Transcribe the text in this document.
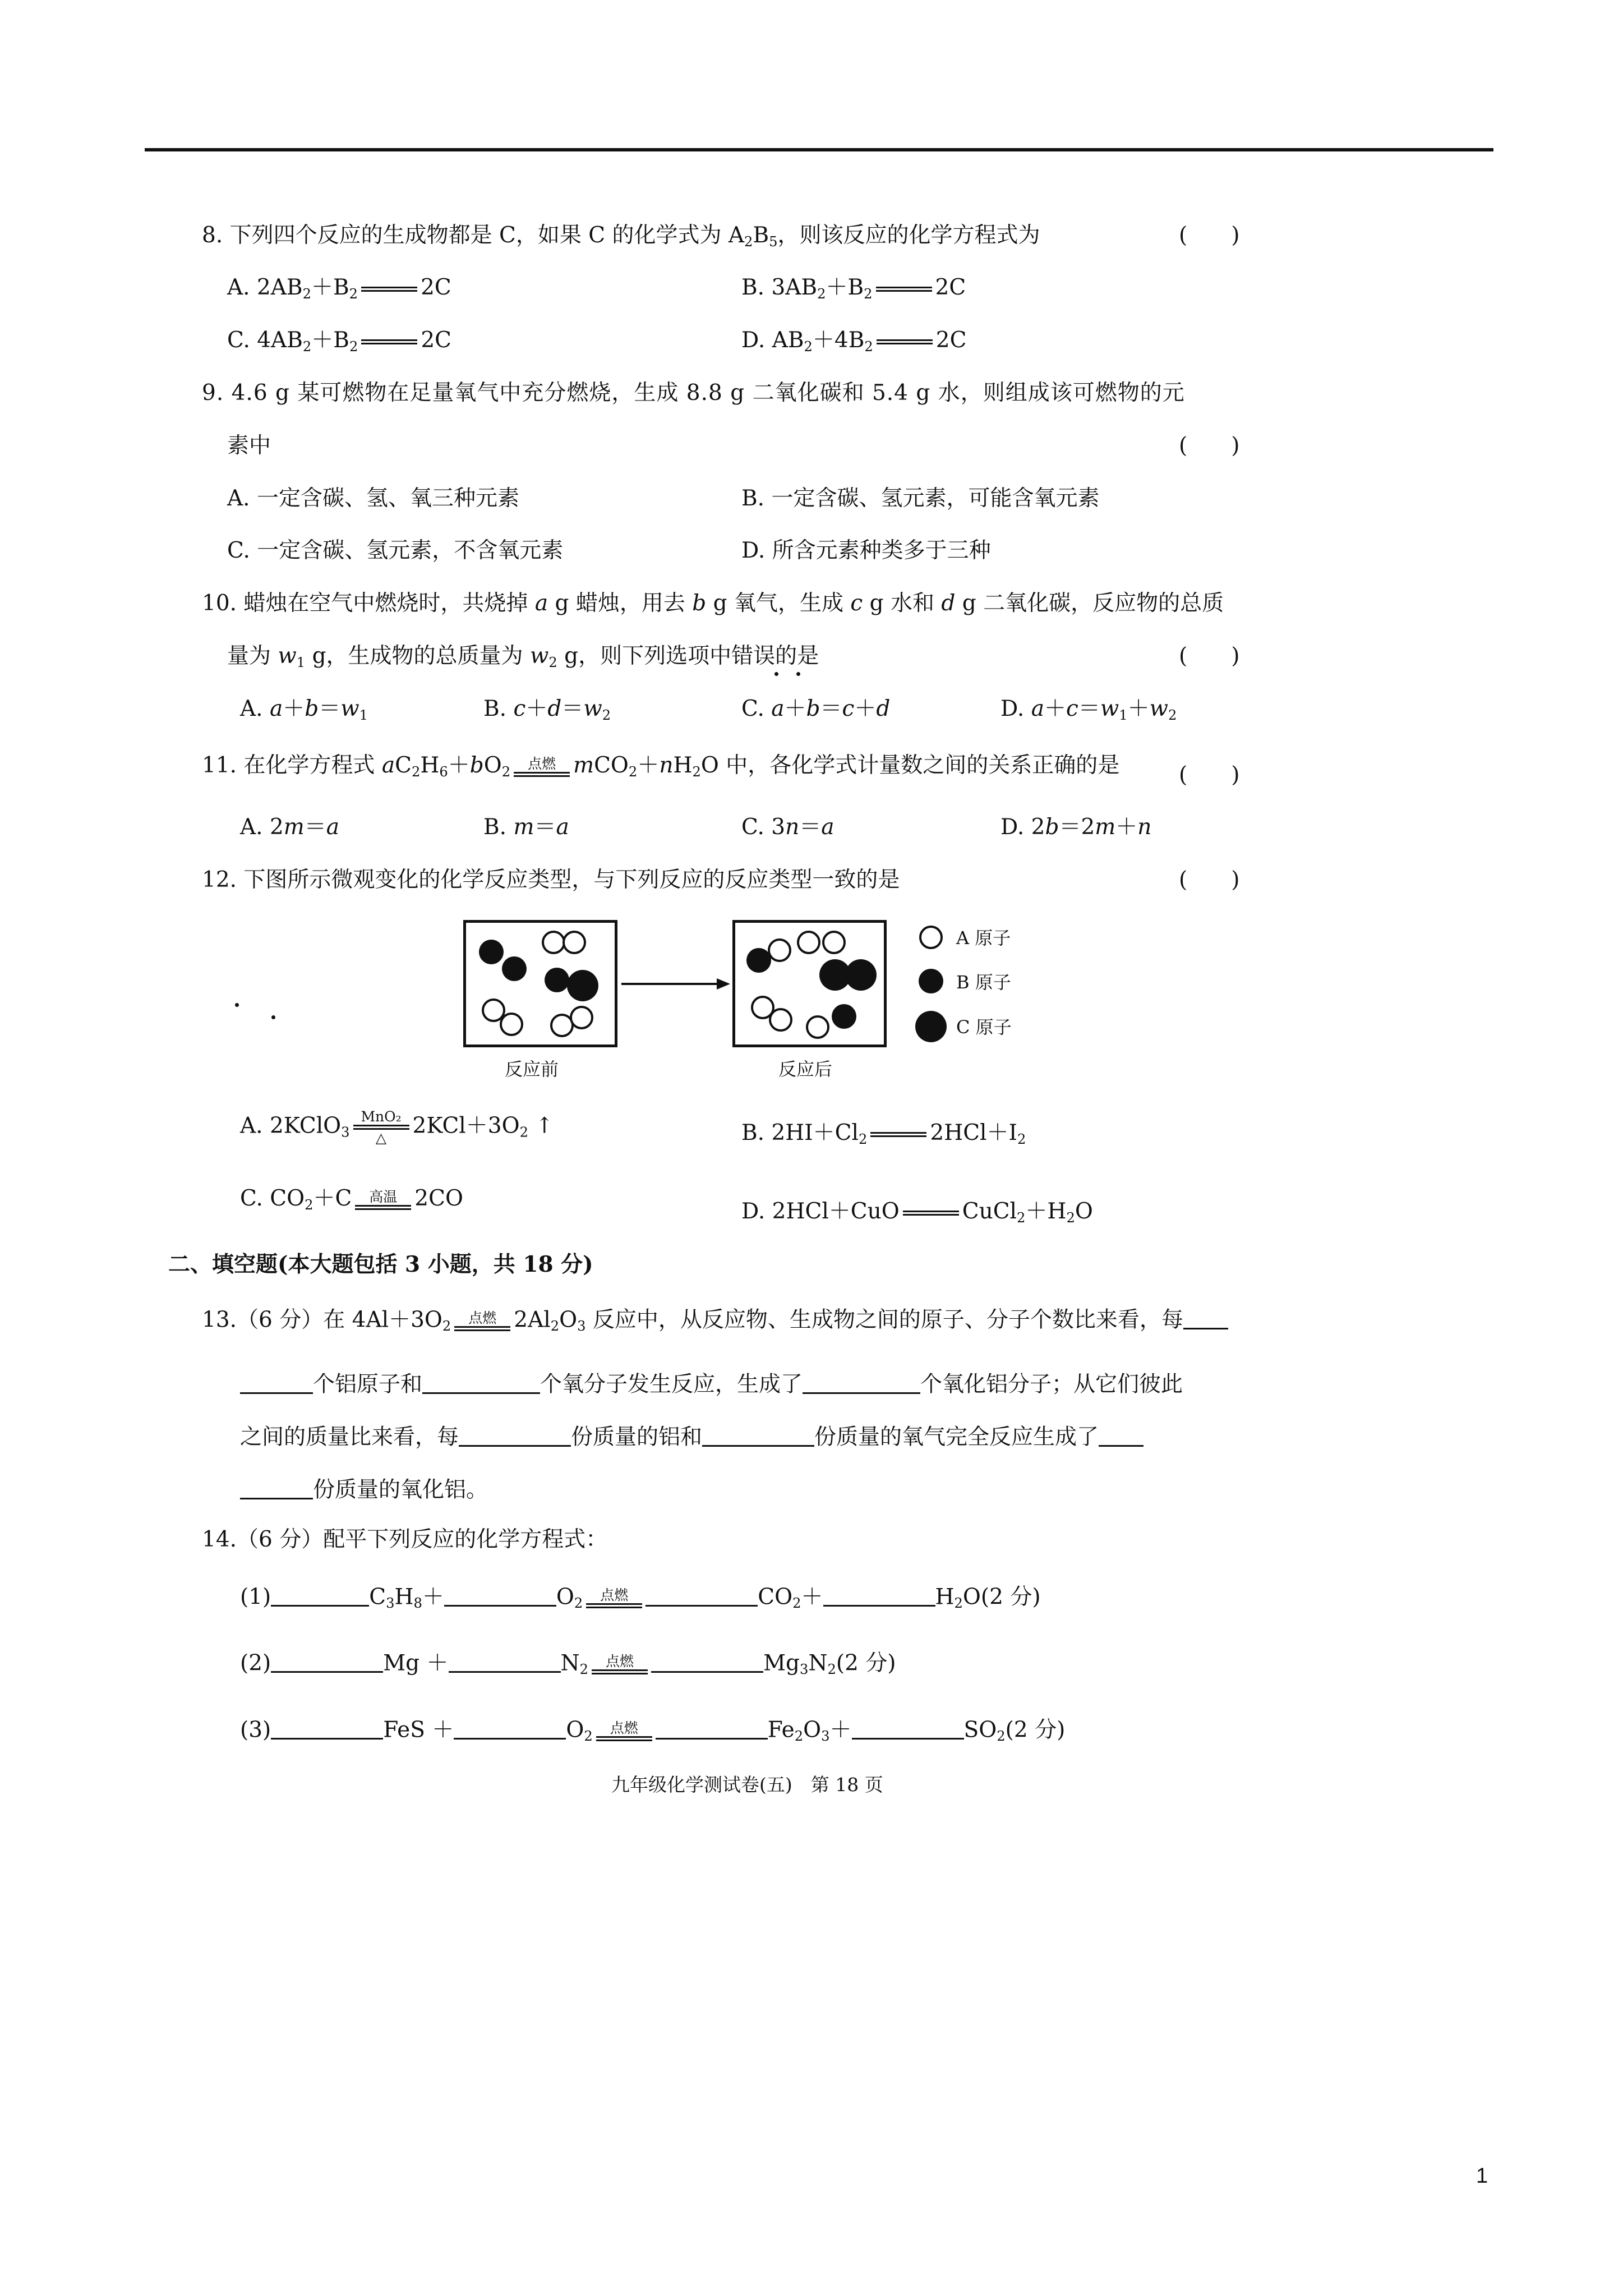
8. 下列四个反应的生成物都是 C，如果 C 的化学式为 $A_2B_5$，则该反应的化学方程式为	(　　)
A. $2AB_2+B_2$	2C	B. $3AB_2+B_2$	2C
C. $4AB_2+B_2$	2C	D. $AB_2+4B_2$	2C
9. 4.6 g 某可燃物在足量氧气中充分燃烧，生成 8.8 g 二氧化碳和 5.4 g 水，则组成该可燃物的元
素中	(　　)
A. 一定含碳、氢、氧三种元素	B. 一定含碳、氢元素，可能含氧元素
C. 一定含碳、氢元素，不含氧元素	D. 所含元素种类多于三种
10. 蜡烛在空气中燃烧时，共烧掉 a g 蜡烛，用去 b g 氧气，生成 c g 水和 d g 二氧化碳，反应物的总质
量为 $w_1$ g，生成物的总质量为 $w_2$ g，则下列选项中错误的是	(　　)
A. $a+b=w_1$	B. $c+d=w_2$	C. a＋b＝c＋d	D. $a+c=w_1+w_2$
11. 在化学方程式 $aC_2H_6+bO_2$ 点燃 $mCO_2+nH_2O$ 中，各化学式计量数之间的关系正确的是	(　　)
A. 2m＝a	B. m＝a	C. 3n＝a	D. 2b＝2m＋n
12. 下图所示微观变化的化学反应类型，与下列反应的反应类型一致的是	(　　)
反应前	反应后
A 原子
B 原子
C 原子
A. 2KClO$_3$
MnO₂
△ $2KCl+3O_2$ ↑	B. $2HI+Cl_2$	$2HCl+I_2$
C. $CO_2+C$ 高温 2CO
D. 2HCl＋CuO	$CuCl_2+H_2O$
二、填空题(本大题包括 3 小题，共 18 分)
13.（6 分）在 $4Al+3O_2$ 点燃 $2Al_2O_3$ 反应中，从反应物、生成物之间的原子、分子个数比来看，每
个铝原子和	个氧分子发生反应，生成了	个氧化铝分子；从它们彼此
之间的质量比来看，每	份质量的铝和	份质量的氧气完全反应生成了
份质量的氧化铝。
14.（6 分）配平下列反应的化学方程式：
(1)	$C_3H_8+$	$O_2$ 点燃	$CO_2+$	$H_2O(2$ 分)
(2)	Mg ＋	$N_2$ 点燃	$Mg_3N_2(2$ 分)
(3)	FeS ＋	$O_2$ 点燃	$Fe_2O_3+$	$SO_2(2$ 分)
九年级化学测试卷(五)　第 18 页
1
